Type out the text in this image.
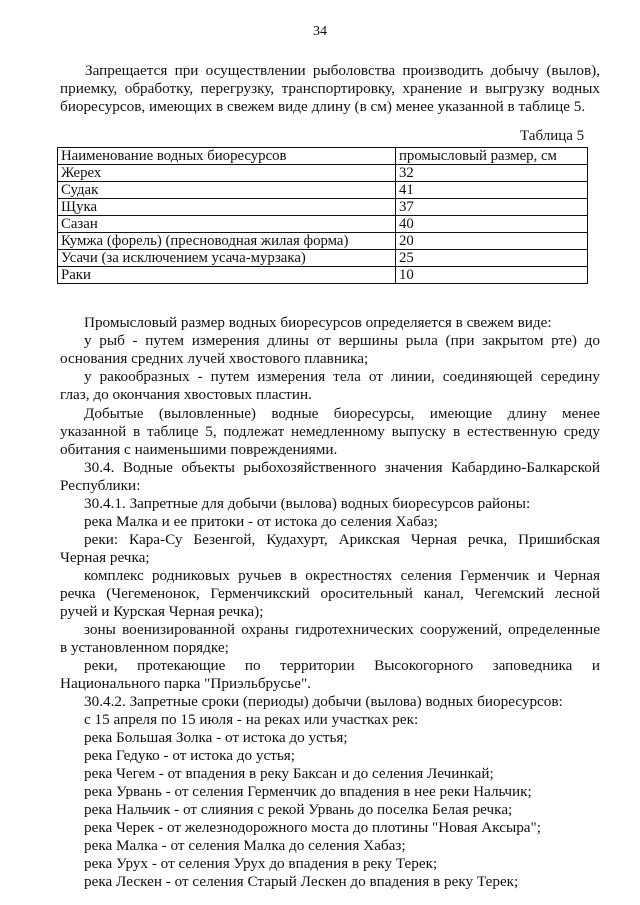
34

Запрещается при осуществлении рыболовства производить добычу (вылов), приемку, обработку, перегрузку, транспортировку, хранение и выгрузку водных биоресурсов, имеющих в свежем виде длину (в см) менее указанной в таблице 5.

Таблица 5
Наименование водных биоресурсов	промысловый размер, см
Жерех	32
Судак	41
Щука	37
Сазан	40
Кумжа (форель) (пресноводная жилая форма)	20
Усачи (за исключением усача-мурзака)	25
Раки	10
Промысловый размер водных биоресурсов определяется в свежем виде:
у рыб - путем измерения длины от вершины рыла (при закрытом рте) до
основания средних лучей хвостового плавника;
у ракообразных - путем измерения тела от линии, соединяющей середину
глаз, до окончания хвостовых пластин.
Добытые (выловленные) водные биоресурсы, имеющие длину менее
указанной в таблице 5, подлежат немедленному выпуску в естественную среду
обитания с наименьшими повреждениями.
30.4. Водные объекты рыбохозяйственного значения Кабардино-Балкарской
Республики:
30.4.1. Запретные для добычи (вылова) водных биоресурсов районы:
река Малка и ее притоки - от истока до селения Хабаз;
реки: Кара-Су Безенгой, Кудахурт, Арикская Черная речка, Пришибская
Черная речка;
комплекс родниковых ручьев в окрестностях селения Герменчик и Черная
речка (Чегеменонок, Герменчикский оросительный канал, Чегемский лесной
ручей и Курская Черная речка);
зоны военизированной охраны гидротехнических сооружений, определенные
в установленном порядке;
реки, протекающие по территории Высокогорного заповедника и
Национального парка "Приэльбрусье".
30.4.2. Запретные сроки (периоды) добычи (вылова) водных биоресурсов:
с 15 апреля по 15 июля - на реках или участках рек:
река Большая Золка - от истока до устья;
река Гедуко - от истока до устья;
река Чегем - от впадения в реку Баксан и до селения Лечинкай;
река Урвань - от селения Герменчик до впадения в нее реки Нальчик;
река Нальчик - от слияния с рекой Урвань до поселка Белая речка;
река Черек - от железнодорожного моста до плотины "Новая Аксыра";
река Малка - от селения Малка до селения Хабаз;
река Урух - от селения Урух до впадения в реку Терек;
река Лескен - от селения Старый Лескен до впадения в реку Терек;
